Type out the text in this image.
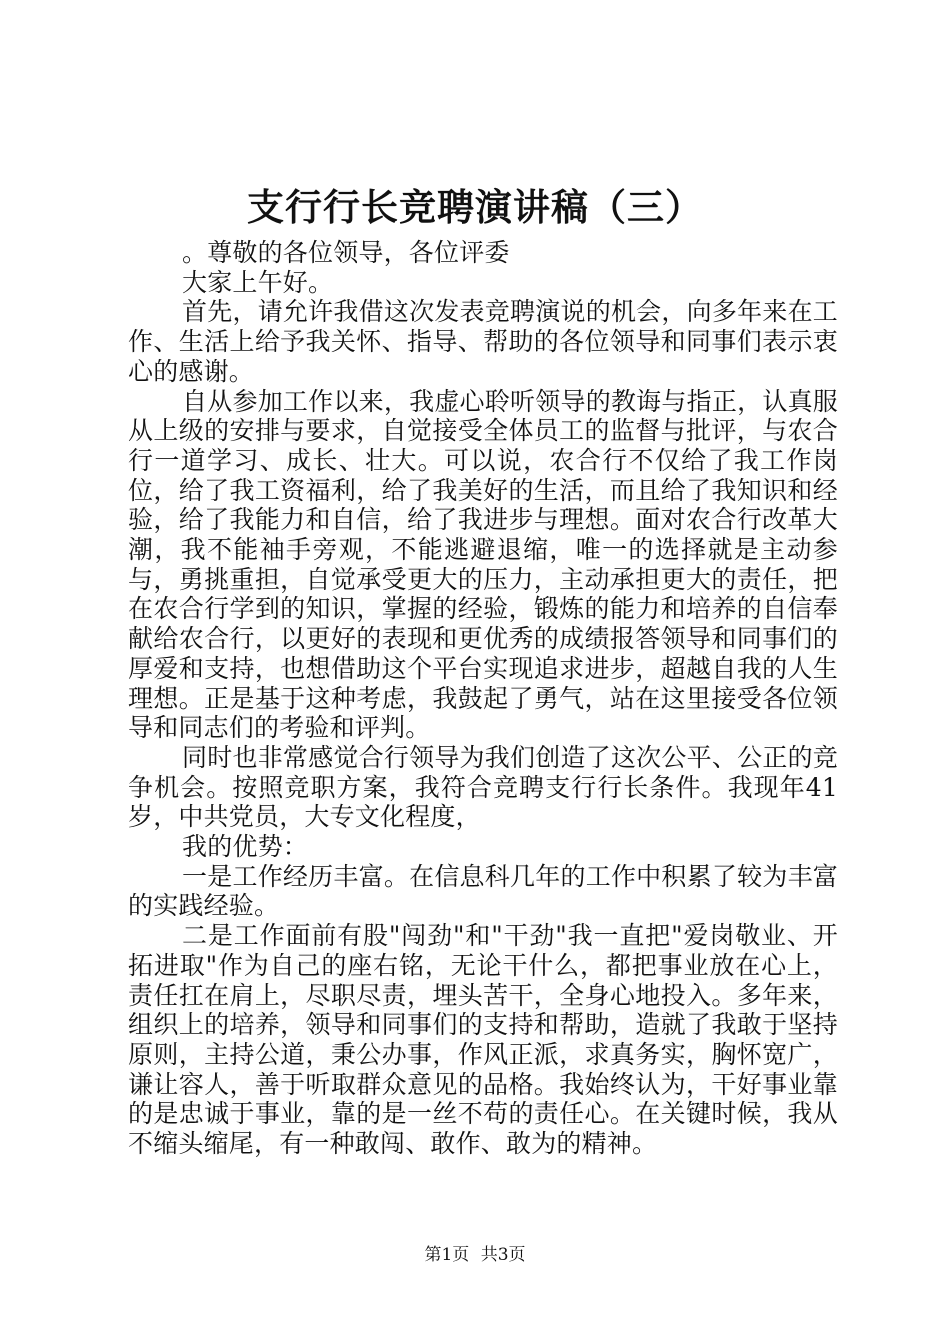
支行行长竞聘演讲稿（三）

。尊敬的各位领导，各位评委

大家上午好。

首先，请允许我借这次发表竞聘演说的机会，向多年来在工作、生活上给予我关怀、指导、帮助的各位领导和同事们表示衷心的感谢。

自从参加工作以来，我虚心聆听领导的教诲与指正，认真服从上级的安排与要求，自觉接受全体员工的监督与批评，与农合行一道学习、成长、壮大。可以说，农合行不仅给了我工作岗位，给了我工资福利，给了我美好的生活，而且给了我知识和经验，给了我能力和自信，给了我进步与理想。面对农合行改革大潮，我不能袖手旁观，不能逃避退缩，唯一的选择就是主动参与，勇挑重担，自觉承受更大的压力，主动承担更大的责任，把在农合行学到的知识，掌握的经验，锻炼的能力和培养的自信奉献给农合行，以更好的表现和更优秀的成绩报答领导和同事们的厚爱和支持，也想借助这个平台实现追求进步，超越自我的人生理想。正是基于这种考虑，我鼓起了勇气，站在这里接受各位领导和同志们的考验和评判。

同时也非常感觉合行领导为我们创造了这次公平、公正的竞争机会。按照竞职方案，我符合竞聘支行行长条件。我现年41岁，中共党员，大专文化程度，

我的优势：

一是工作经历丰富。在信息科几年的工作中积累了较为丰富的实践经验。

二是工作面前有股"闯劲"和"干劲"我一直把"爱岗敬业、开拓进取"作为自己的座右铭，无论干什么，都把事业放在心上，责任扛在肩上，尽职尽责，埋头苦干，全身心地投入。多年来，组织上的培养，领导和同事们的支持和帮助，造就了我敢于坚持原则，主持公道，秉公办事，作风正派，求真务实，胸怀宽广，谦让容人，善于听取群众意见的品格。我始终认为，干好事业靠的是忠诚于事业，靠的是一丝不苟的责任心。在关键时候，我从不缩头缩尾，有一种敢闯、敢作、敢为的精神。

第1页 共3页
